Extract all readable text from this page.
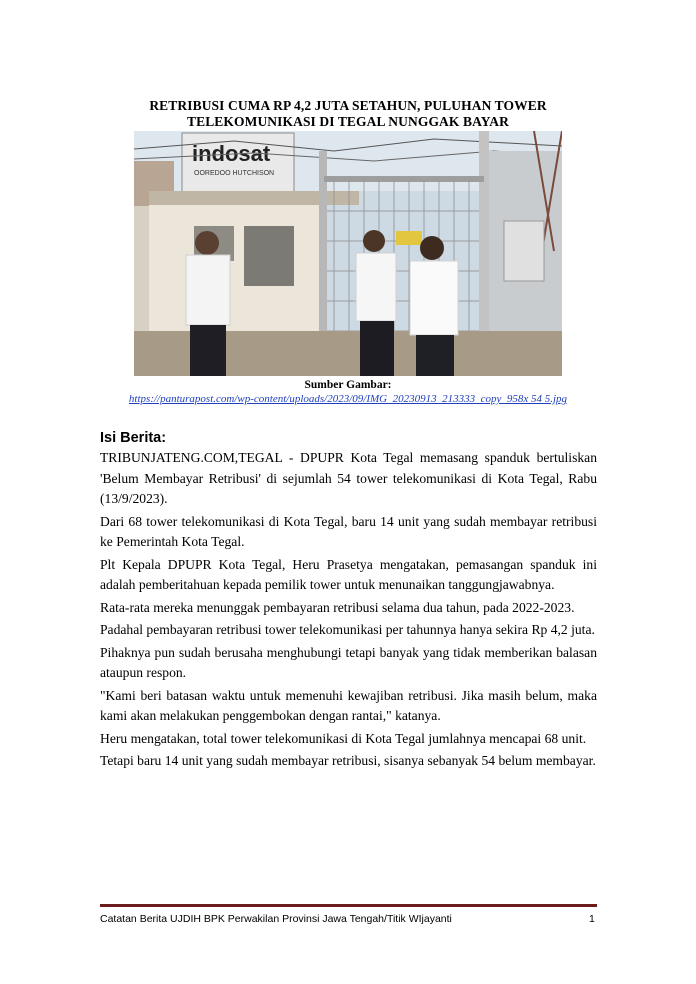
RETRIBUSI CUMA RP 4,2 JUTA SETAHUN, PULUHAN TOWER
TELEKOMUNIKASI DI TEGAL NUNGGAK BAYAR
indosat
OOREDOO HUTCHISON
Sumber Gambar:
https://panturapost.com/wp-content/uploads/2023/09/IMG_20230913_213333_copy_958x 54 5.jpg
Isi Berita:

TRIBUNJATENG.COM,TEGAL - DPUPR Kota Tegal memasang spanduk bertuliskan 'Belum Membayar Retribusi' di sejumlah 54 tower telekomunikasi di Kota Tegal, Rabu (13/9/2023).

Dari 68 tower telekomunikasi di Kota Tegal, baru 14 unit yang sudah membayar retribusi ke Pemerintah Kota Tegal.

Plt Kepala DPUPR Kota Tegal, Heru Prasetya mengatakan, pemasangan spanduk ini adalah pemberitahuan kepada pemilik tower untuk menunaikan tanggungjawabnya.

Rata-rata mereka menunggak pembayaran retribusi selama dua tahun, pada 2022-2023.

Padahal pembayaran retribusi tower telekomunikasi per tahunnya hanya sekira Rp 4,2 juta.

Pihaknya pun sudah berusaha menghubungi tetapi banyak yang tidak memberikan balasan ataupun respon.

"Kami beri batasan waktu untuk memenuhi kewajiban retribusi. Jika masih belum, maka kami akan melakukan penggembokan dengan rantai," katanya.

Heru mengatakan, total tower telekomunikasi di Kota Tegal jumlahnya mencapai 68 unit.

Tetapi baru 14 unit yang sudah membayar retribusi, sisanya sebanyak 54 belum membayar.

Catatan Berita UJDIH BPK Perwakilan Provinsi Jawa Tengah/Titik WIjayanti	1
